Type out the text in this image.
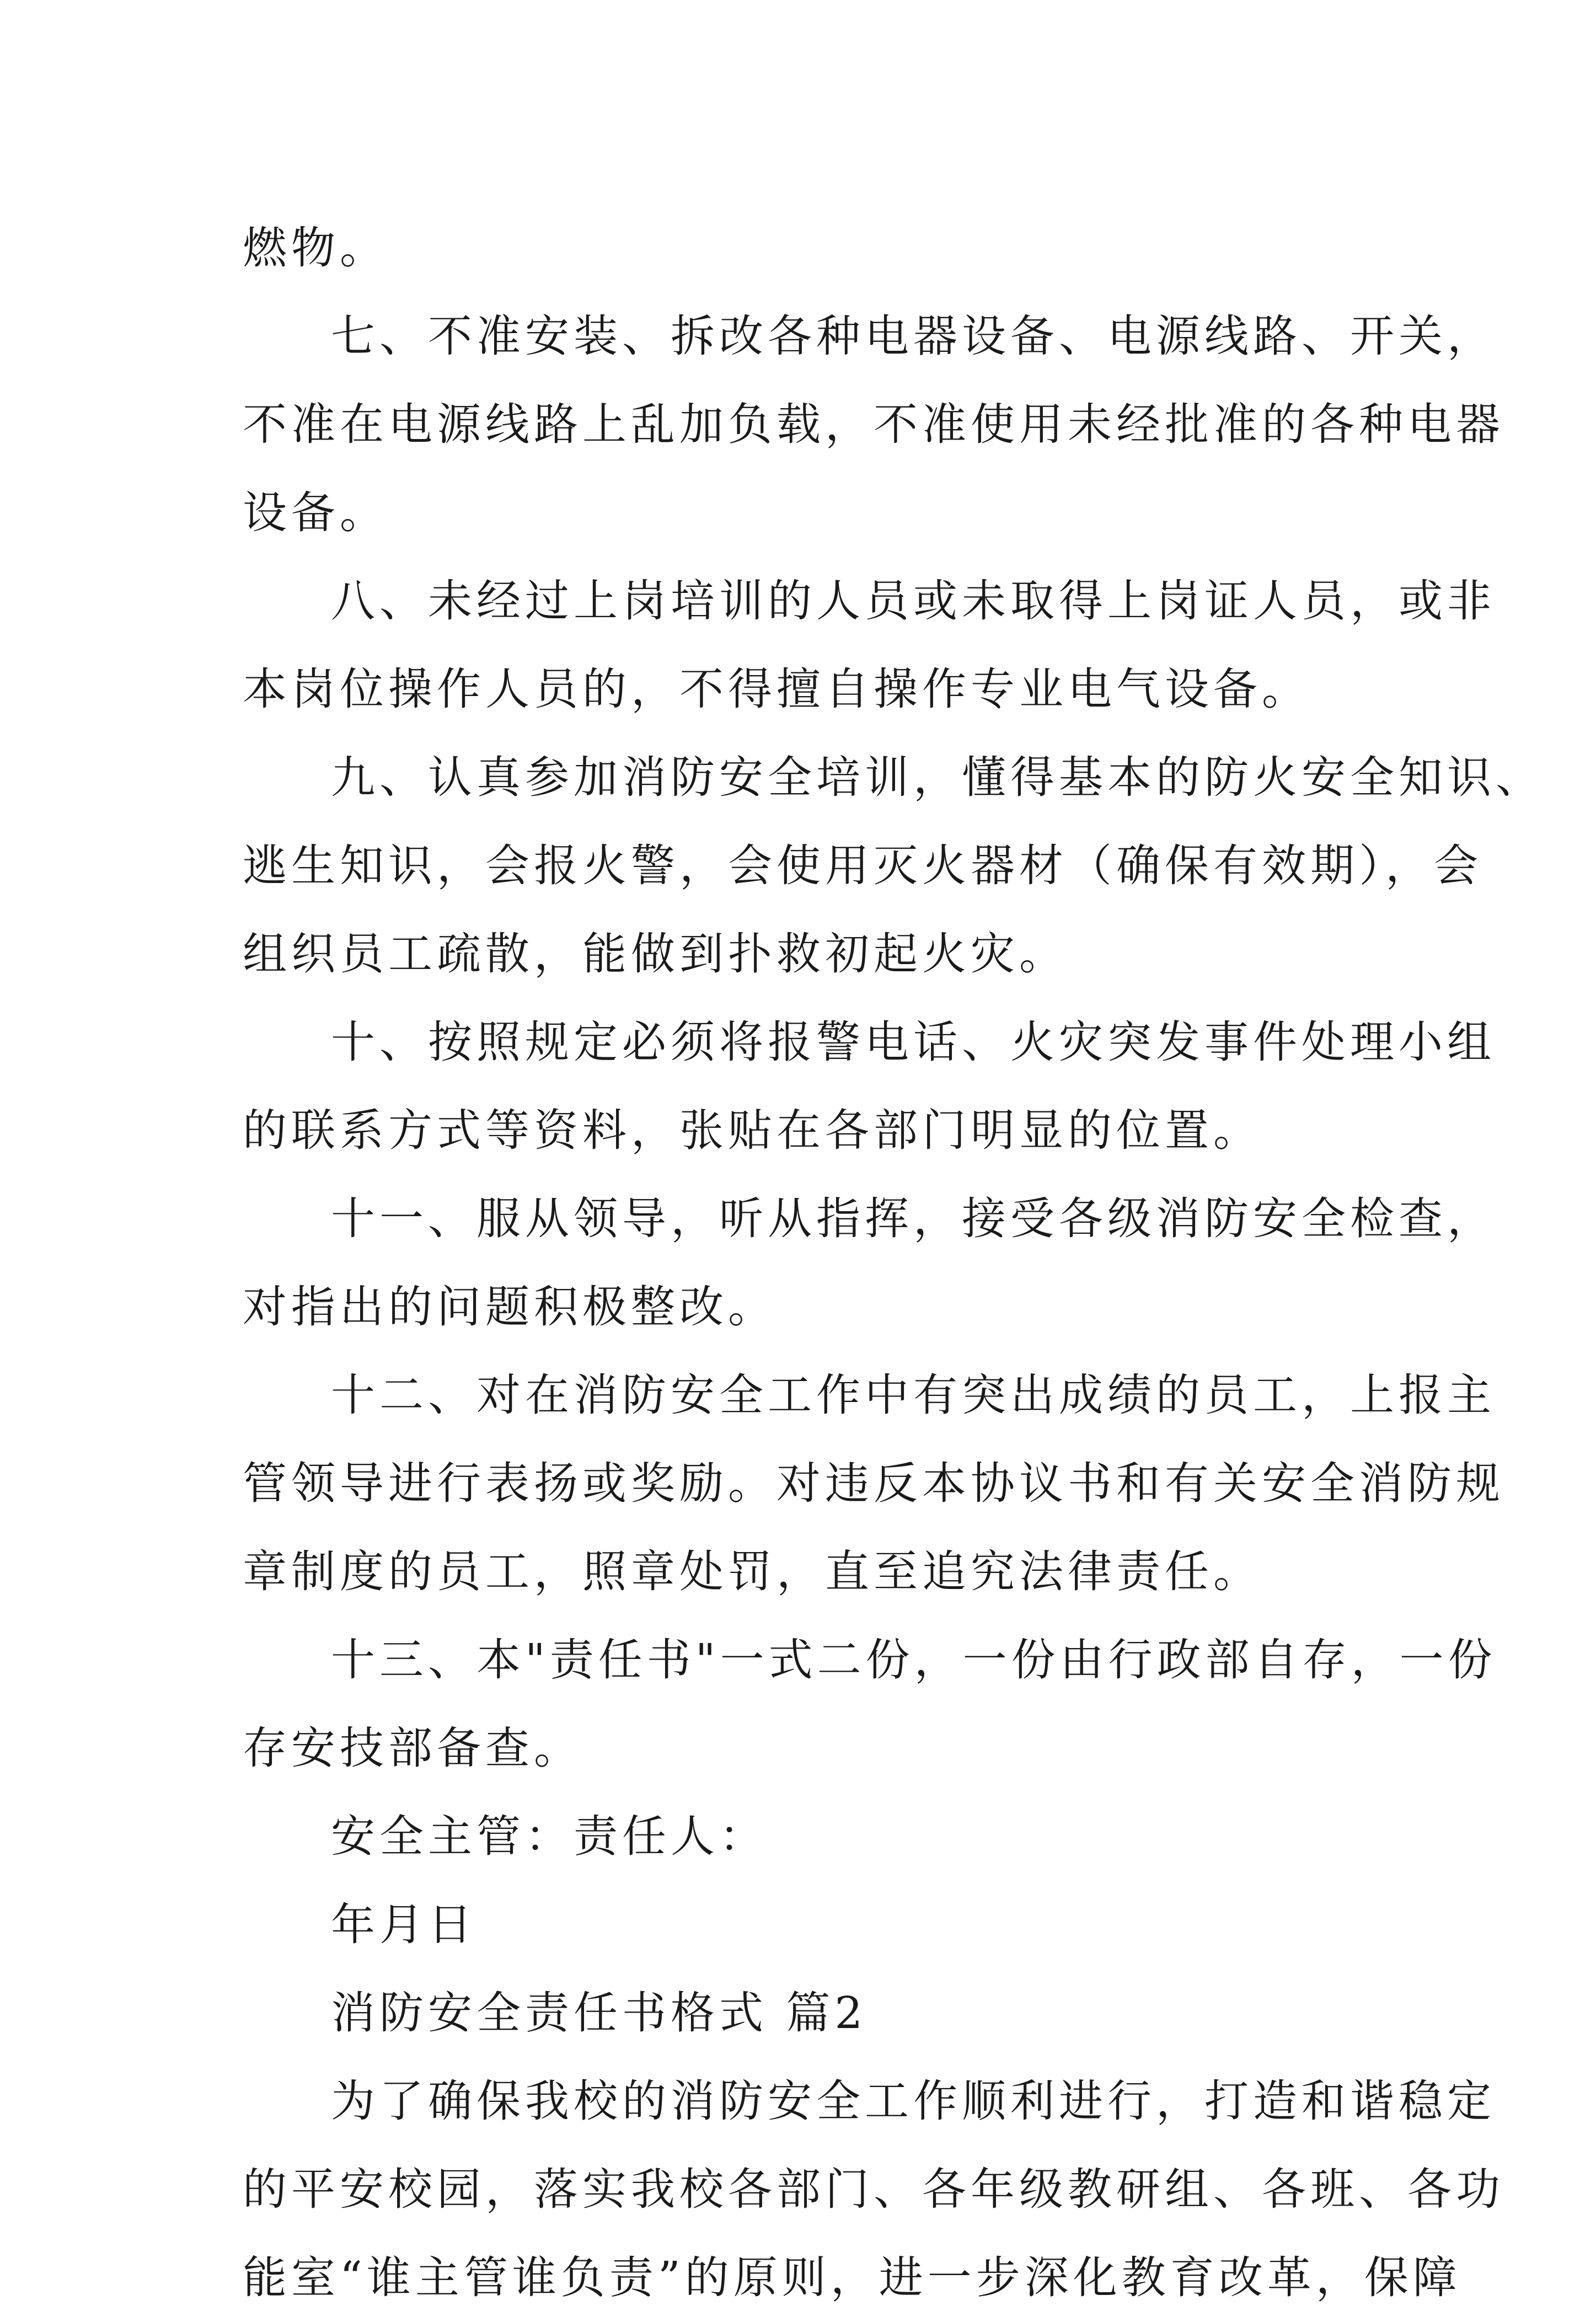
燃物。
七、不准安装、拆改各种电器设备、电源线路、开关，
不准在电源线路上乱加负载，不准使用未经批准的各种电器
设备。
八、未经过上岗培训的人员或未取得上岗证人员，或非
本岗位操作人员的，不得擅自操作专业电气设备。
九、认真参加消防安全培训，懂得基本的防火安全知识、
逃生知识，会报火警，会使用灭火器材（确保有效期），会
组织员工疏散，能做到扑救初起火灾。
十、按照规定必须将报警电话、火灾突发事件处理小组
的联系方式等资料，张贴在各部门明显的位置。
十一、服从领导，听从指挥，接受各级消防安全检查，
对指出的问题积极整改。
十二、对在消防安全工作中有突出成绩的员工，上报主
管领导进行表扬或奖励。对违反本协议书和有关安全消防规
章制度的员工，照章处罚，直至追究法律责任。
十三、本"责任书"一式二份，一份由行政部自存，一份
存安技部备查。
安全主管：责任人：
年月日
消防安全责任书格式 篇2
为了确保我校的消防安全工作顺利进行，打造和谐稳定
的平安校园，落实我校各部门、各年级教研组、各班、各功
能室“谁主管谁负责”的原则，进一步深化教育改革，保障
